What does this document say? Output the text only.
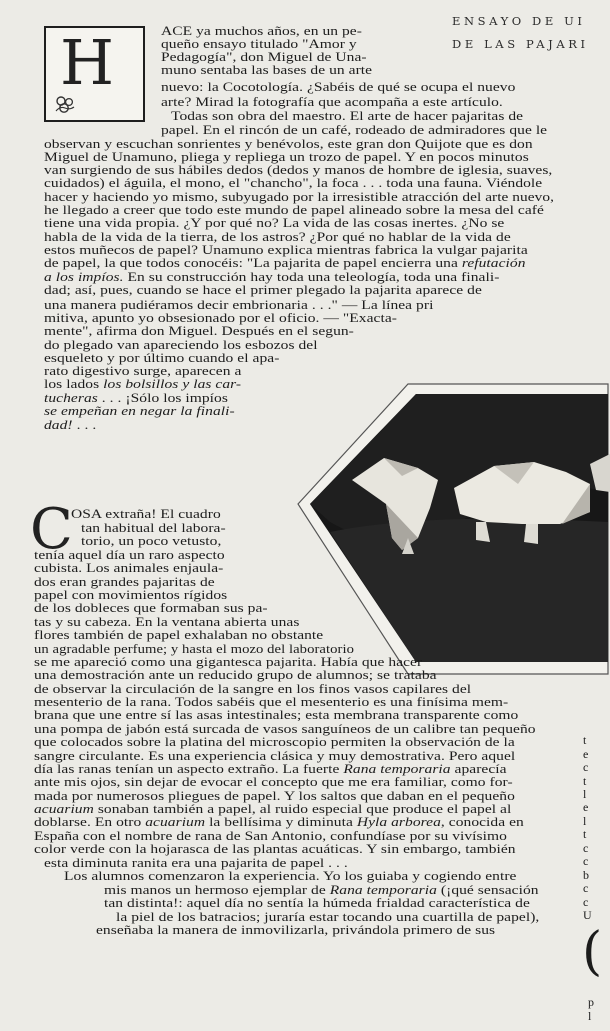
ENSAYO DE UI
DE LAS PAJARI
H
C
ACE ya muchos años, en un pe-
queño ensayo titulado "Amor y
Pedagogía", don Miguel de Una-
muno sentaba las bases de un arte
nuevo: la Cocotología. ¿Sabéis de qué se ocupa el nuevo
arte? Mirad la fotografía que acompaña a este artículo.
Todas son obra del maestro. El arte de hacer pajaritas de
papel. En el rincón de un café, rodeado de admiradores que le
observan y escuchan sonrientes y benévolos, este gran don Quijote que es don
Miguel de Unamuno, pliega y repliega un trozo de papel. Y en pocos minutos
van surgiendo de sus hábiles dedos (dedos y manos de hombre de iglesia, suaves,
cuidados) el águila, el mono, el "chancho", la foca . . . toda una fauna. Viéndole
hacer y haciendo yo mismo, subyugado por la irresistible atracción del arte nuevo,
he llegado a creer que todo este mundo de papel alineado sobre la mesa del café
tiene una vida propia. ¿Y por qué no? La vida de las cosas inertes. ¿No se
habla de la vida de la tierra, de los astros? ¿Por qué no hablar de la vida de
estos muñecos de papel? Unamuno explica mientras fabrica la vulgar pajarita
de papel, la que todos conocéis: "La pajarita de papel encierra una refutación
a los impíos. En su construcción hay toda una teleología, toda una finali-
dad; así, pues, cuando se hace el primer plegado la pajarita aparece de
una manera pudiéramos decir embrionaria . . ." — La línea pri
mitiva, apunto yo obsesionado por el oficio. — "Exacta-
mente", afirma don Miguel. Después en el segun-
do plegado van apareciendo los esbozos del
esqueleto y por último cuando el apa-
rato digestivo surge, aparecen a
los lados los bolsillos y las car-
tucheras . . . ¡Sólo los impíos
se empeñan en negar la finali-
dad! . . .
OSA extraña! El cuadro
tan habitual del labora-
torio, un poco vetusto,
tenía aquel día un raro aspecto
cubista. Los animales enjaula-
dos eran grandes pajaritas de
papel con movimientos rígidos
de los dobleces que formaban sus pa-
tas y su cabeza. En la ventana abierta unas
flores también de papel exhalaban no obstante
un agradable perfume; y hasta el mozo del laboratorio
se me apareció como una gigantesca pajarita. Había que hacer
una demostración ante un reducido grupo de alumnos; se trataba
de observar la circulación de la sangre en los finos vasos capilares del
mesenterio de la rana. Todos sabéis que el mesenterio es una finísima mem-
brana que une entre sí las asas intestinales; esta membrana transparente como
una pompa de jabón está surcada de vasos sanguíneos de un calibre tan pequeño
que colocados sobre la platina del microscopio permiten la observación de la
sangre circulante. Es una experiencia clásica y muy demostrativa. Pero aquel
día las ranas tenían un aspecto extraño. La fuerte Rana temporaria aparecía
ante mis ojos, sin dejar de evocar el concepto que me era familiar, como for-
mada por numerosos pliegues de papel. Y los saltos que daban en el pequeño
acuarium sonaban también a papel, al ruido especial que produce el papel al
doblarse. En otro acuarium la bellísima y diminuta Hyla arborea, conocida en
España con el nombre de rana de San Antonio, confundíase por su vivísimo
color verde con la hojarasca de las plantas acuáticas. Y sin embargo, también
esta diminuta ranita era una pajarita de papel . . .
Los alumnos comenzaron la experiencia. Yo los guiaba y cogiendo entre
mis manos un hermoso ejemplar de Rana temporaria (¡qué sensación
tan distinta!: aquel día no sentía la húmeda frialdad característica de
la piel de los batracios; juraría estar tocando una cuartilla de papel),
enseñaba la manera de inmovilizarla, privándola primero de sus
t
e
c
t
l
e
l
t
c
c
b
c
c
U
p
l
(
